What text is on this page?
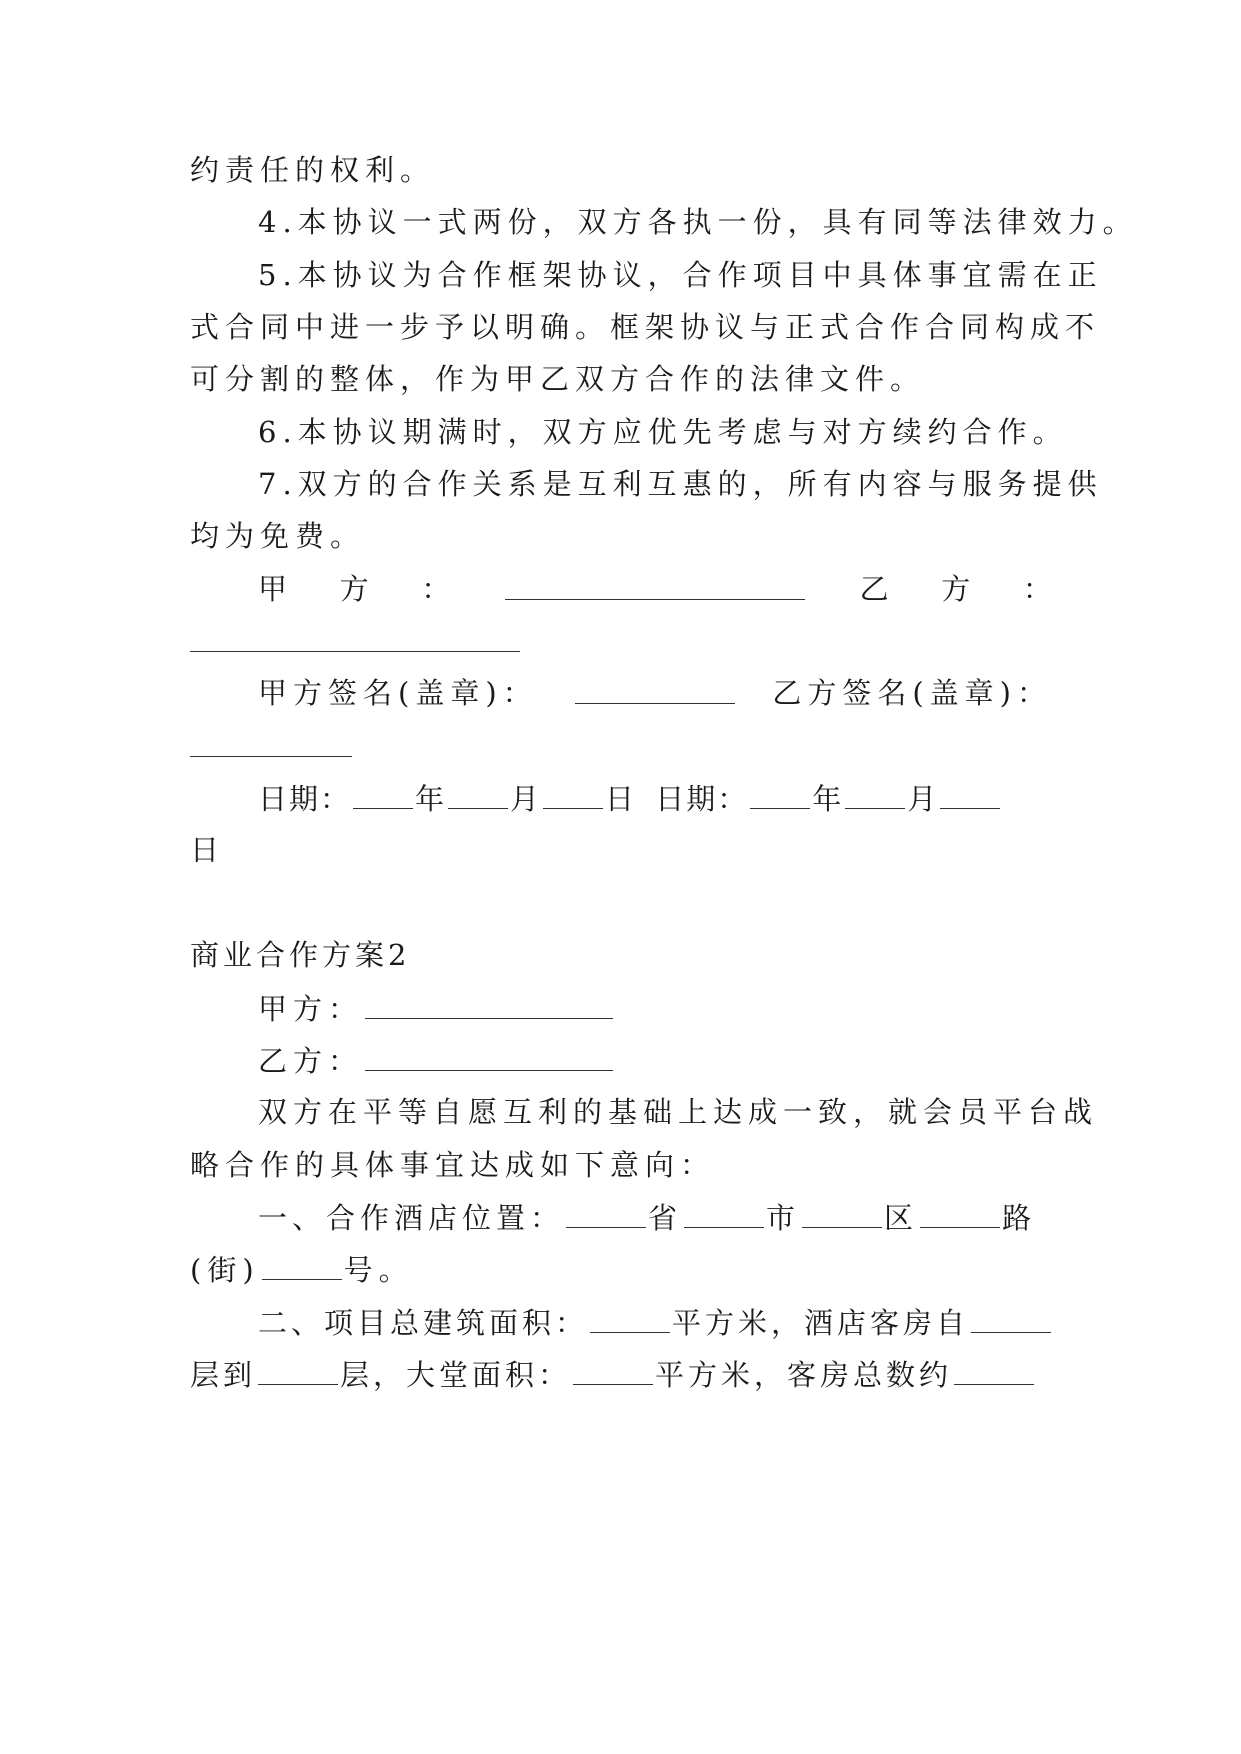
约责任的权利。
4.本协议一式两份，双方各执一份，具有同等法律效力。
5.本协议为合作框架协议，合作项目中具体事宜需在正
式合同中进一步予以明确。框架协议与正式合作合同构成不
可分割的整体，作为甲乙双方合作的法律文件。
6.本协议期满时，双方应优先考虑与对方续约合作。
7.双方的合作关系是互利互惠的，所有内容与服务提供
均为免费。
甲 方 ：	乙 方 ：
甲方签名(盖章)：	乙方签名(盖章)：
日期： 年 月 日 日期： 年 月
日
商业合作方案2
甲方：
乙方：
双方在平等自愿互利的基础上达成一致，就会员平台战
略合作的具体事宜达成如下意向：
一、合作酒店位置：	省	市	区	路
(街)	号。
二、项目总建筑面积：	平方米，酒店客房自
层到	层，大堂面积：	平方米，客房总数约
